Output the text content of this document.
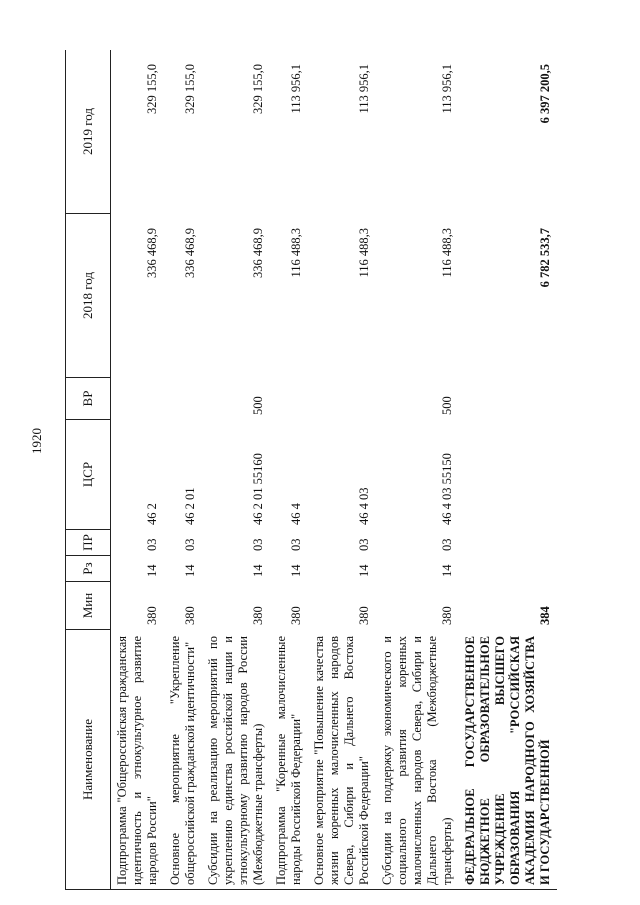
1920
Наименование	Мин	Рз	ПР	ЦСР	ВР	2018 год	2019 год
Подпрограмма "Общероссийская гражданская идентичность и этнокультурное развитие народов России"	380	14	03	46 2		336 468,9	329 155,0
Основное мероприятие "Укрепление общероссийской гражданской идентичности"	380	14	03	46 2 01		336 468,9	329 155,0
Субсидии на реализацию мероприятий по укреплению единства российской нации и этнокультурному развитию народов России (Межбюджетные трансферты)	380	14	03	46 2 01 55160	500	336 468,9	329 155,0
Подпрограмма "Коренные малочисленные народы Российской Федерации"	380	14	03	46 4		116 488,3	113 956,1
Основное мероприятие "Повышение качества жизни коренных малочисленных народов Севера, Сибири и Дальнего Востока Российской Федерации"	380	14	03	46 4 03		116 488,3	113 956,1
Субсидии на поддержку экономического и социального развития коренных малочисленных народов Севера, Сибири и Дальнего Востока (Межбюджетные трансферты)	380	14	03	46 4 03 55150	500	116 488,3	113 956,1
ФЕДЕРАЛЬНОЕ ГОСУДАРСТВЕННОЕ БЮДЖЕТНОЕ ОБРАЗОВАТЕЛЬНОЕ УЧРЕЖДЕНИЕ ВЫСШЕГО ОБРАЗОВАНИЯ "РОССИЙСКАЯ АКАДЕМИЯ НАРОДНОГО ХОЗЯЙСТВА И ГОСУДАРСТВЕННОЙ	384					6 782 533,7	6 397 200,5
